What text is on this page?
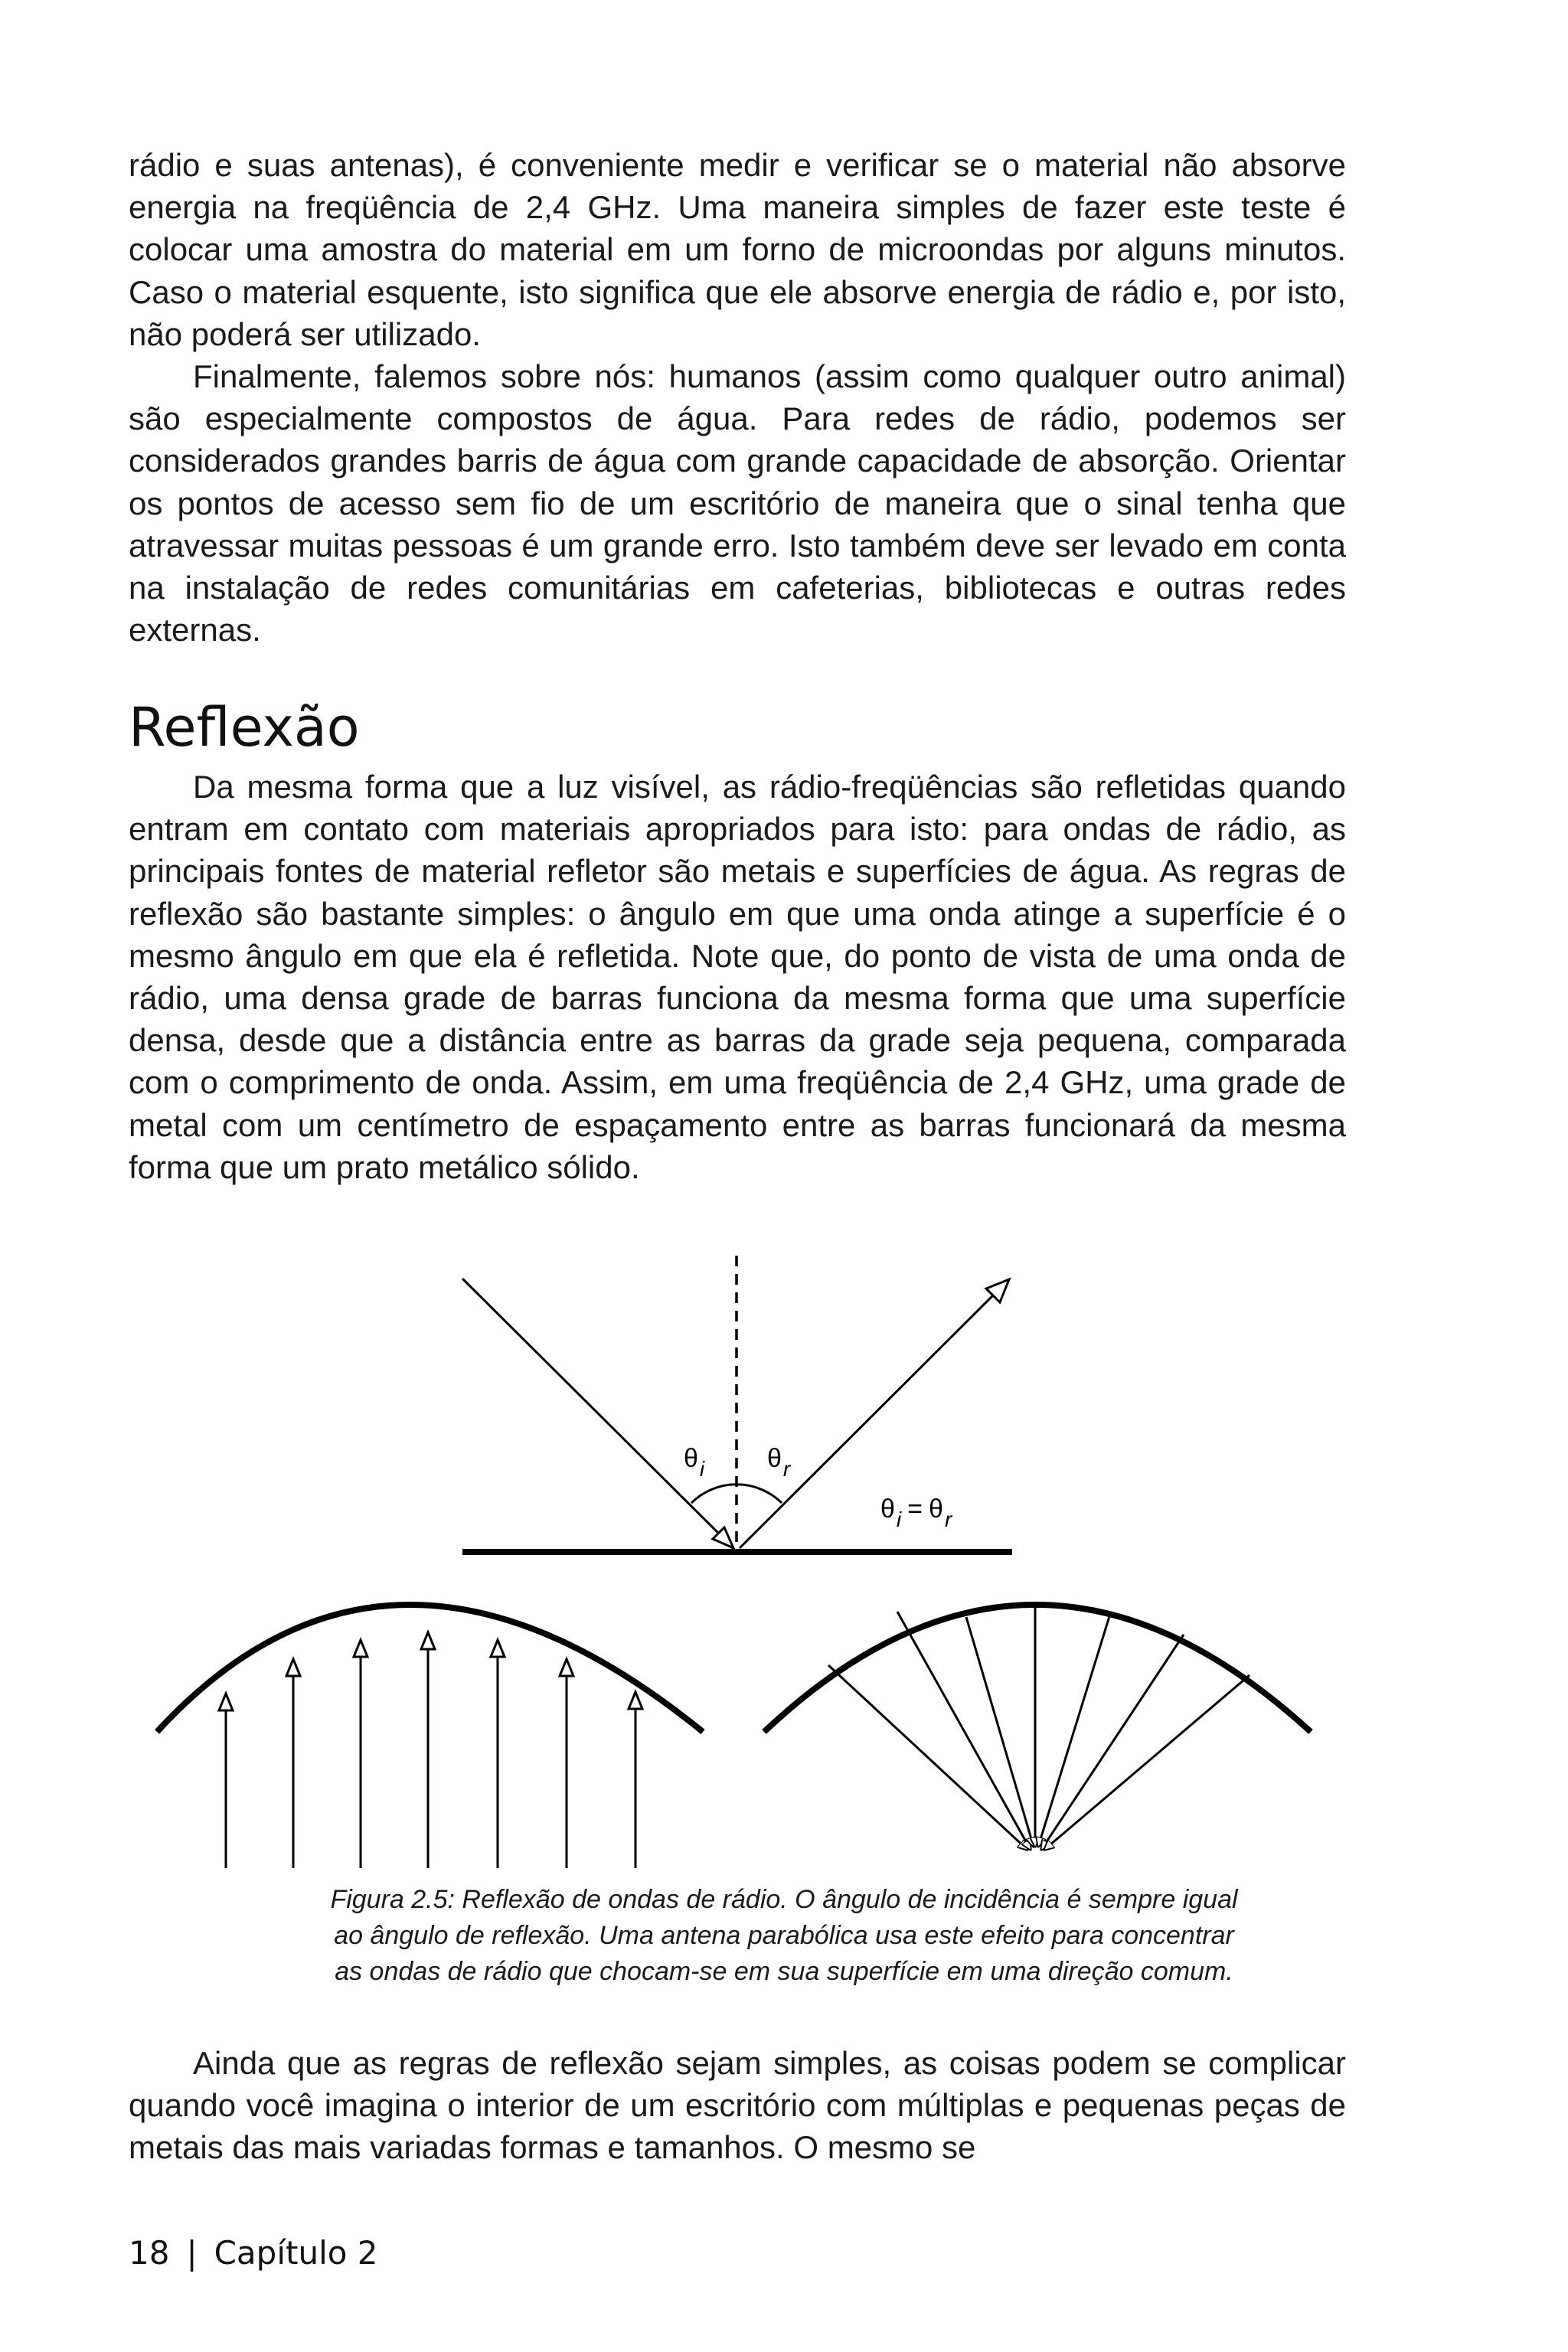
rádio e suas antenas), é conveniente medir e verificar se o material não absorve energia na freqüência de 2,4 GHz. Uma maneira simples de fazer este teste é colocar uma amostra do material em um forno de microondas por alguns minutos. Caso o material esquente, isto significa que ele absorve energia de rádio e, por isto, não poderá ser utilizado.

Finalmente, falemos sobre nós: humanos (assim como qualquer outro animal) são especialmente compostos de água. Para redes de rádio, podemos ser considerados grandes barris de água com grande capacidade de absorção. Orientar os pontos de acesso sem fio de um escritório de maneira que o sinal tenha que atravessar muitas pessoas é um grande erro. Isto também deve ser levado em conta na instalação de redes comunitárias em cafeterias, bibliotecas e outras redes externas.

Reflexão

Da mesma forma que a luz visível, as rádio-freqüências são refletidas quando entram em contato com materiais apropriados para isto: para ondas de rádio, as principais fontes de material refletor são metais e superfícies de água. As regras de reflexão são bastante simples: o ângulo em que uma onda atinge a superfície é o mesmo ângulo em que ela é refletida. Note que, do ponto de vista de uma onda de rádio, uma densa grade de barras funciona da mesma forma que uma superfície densa, desde que a distância entre as barras da grade seja pequena, comparada com o comprimento de onda. Assim, em uma freqüência de 2,4 GHz, uma grade de metal com um centímetro de espaçamento entre as barras funcionará da mesma forma que um prato metálico sólido.

$\theta_i$ $\theta_r$
$\theta_i = \theta_r$
Figura 2.5: Reflexão de ondas de rádio. O ângulo de incidência é sempre igual
ao ângulo de reflexão. Uma antena parabólica usa este efeito para concentrar
as ondas de rádio que chocam-se em sua superfície em uma direção comum.

Ainda que as regras de reflexão sejam simples, as coisas podem se complicar quando você imagina o interior de um escritório com múltiplas e pequenas peças de metais das mais variadas formas e tamanhos. O mesmo se

18 | Capítulo 2
